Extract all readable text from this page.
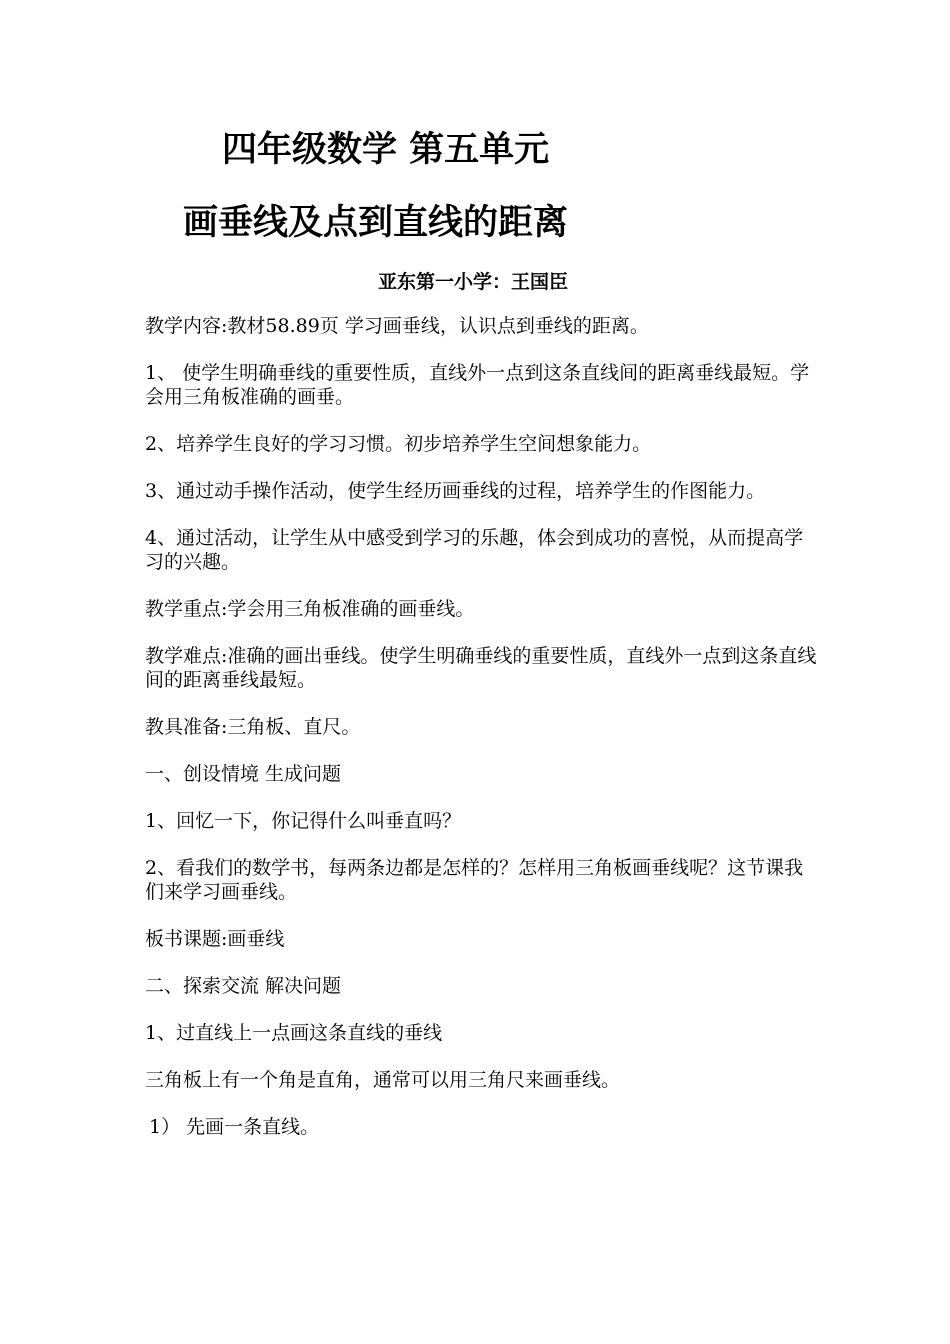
四年级数学 第五单元
画垂线及点到直线的距离
亚东第一小学：王国臣

教学内容:教材58.89页 学习画垂线，认识点到垂线的距离。

1、 使学生明确垂线的重要性质，直线外一点到这条直线间的距离垂线最短。学会用三角板准确的画垂。

2、培养学生良好的学习习惯。初步培养学生空间想象能力。

3、通过动手操作活动，使学生经历画垂线的过程，培养学生的作图能力。

4、通过活动，让学生从中感受到学习的乐趣，体会到成功的喜悦，从而提高学习的兴趣。

教学重点:学会用三角板准确的画垂线。

教学难点:准确的画出垂线。使学生明确垂线的重要性质，直线外一点到这条直线间的距离垂线最短。

教具准备:三角板、直尺。

一、创设情境 生成问题

1、回忆一下，你记得什么叫垂直吗？

2、看我们的数学书，每两条边都是怎样的？怎样用三角板画垂线呢？这节课我们来学习画垂线。

板书课题:画垂线

二、探索交流 解决问题

1、过直线上一点画这条直线的垂线

三角板上有一个角是直角，通常可以用三角尺来画垂线。

1） 先画一条直线。
